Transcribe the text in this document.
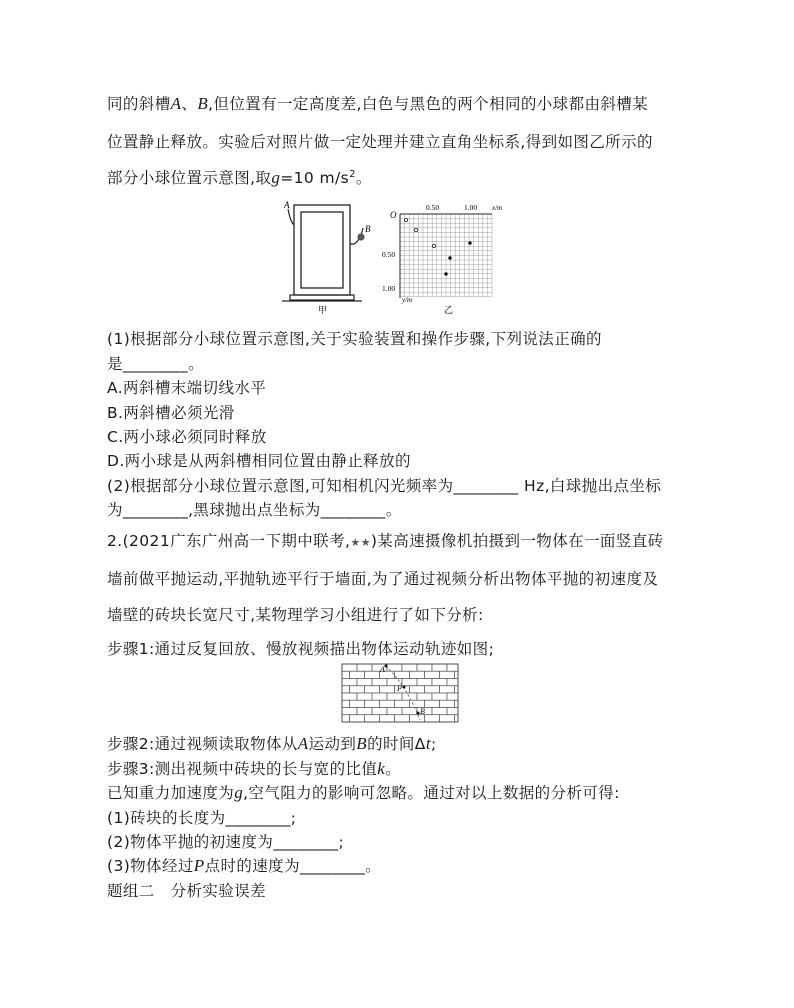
同的斜槽A、B,但位置有一定高度差,白色与黑色的两个相同的小球都由斜槽某
位置静止释放。实验后对照片做一定处理并建立直角坐标系,得到如图乙所示的
部分小球位置示意图,取g=10 $m/s^2$。
A
B
甲
O
0.50	1.00 x/m
0.50
1.00
y/m
乙
(1)根据部分小球位置示意图,关于实验装置和操作步骤,下列说法正确的
是________。
A.两斜槽末端切线水平
B.两斜槽必须光滑
C.两小球必须同时释放
D.两小球是从两斜槽相同位置由静止释放的
(2)根据部分小球位置示意图,可知相机闪光频率为________ Hz,白球抛出点坐标
为________,黑球抛出点坐标为________。
2.(2021广东广州高一下期中联考,★★)某高速摄像机拍摄到一物体在一面竖直砖
墙前做平抛运动,平抛轨迹平行于墙面,为了通过视频分析出物体平抛的初速度及
墙壁的砖块长宽尺寸,某物理学习小组进行了如下分析:
步骤1:通过反复回放、慢放视频描出物体运动轨迹如图;
A
P
B
步骤2:通过视频读取物体从A运动到B的时间Δt;
步骤3:测出视频中砖块的长与宽的比值k。
已知重力加速度为g,空气阻力的影响可忽略。通过对以上数据的分析可得:
(1)砖块的长度为________;
(2)物体平抛的初速度为________;
(3)物体经过P点时的速度为________。
题组二　分析实验误差
